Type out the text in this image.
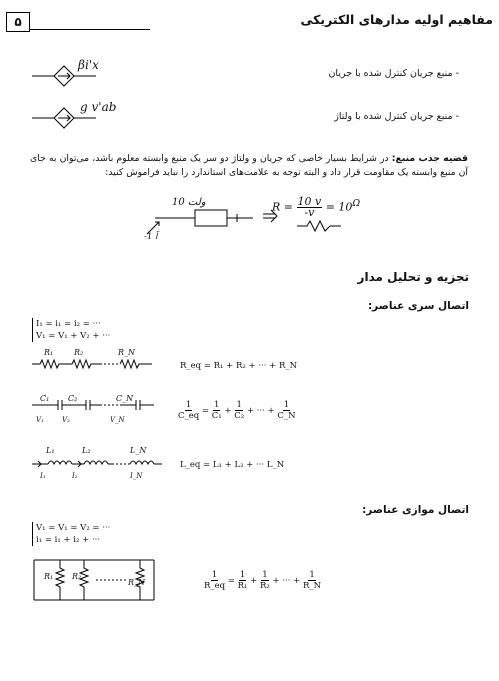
۵	مفاهیم اولیه مدارهای الکتریکی
βi'x
g v'ab
- منبع جریان کنترل شده با جریان
- منبع جریان کنترل شده با ولتاژ
قضیه جذب منبع: در شرایط بسیار خاصی که جریان و ولتاژ دو سر یک منبع وابسته معلوم باشد، می‌توان به جای آن منبع وابسته یک مقاومت قرار داد و البته توجه به علامت‌های استاندارد را نباید فراموش کنید:
10 ولت
-1 آ
$R = \frac{10 v}{-v} = 10^\Omega$
تجزیه و تحلیل مدار
اتصال سری عناصر:
I₁ = i₁ = i₂ = ···
V₁ = V₁ + V₂ + ···
R₁	R₂	R_N
R_eq = R₁ + R₂ + ··· + R_N
C₁ C₂	C_N
V₁	V₂	V_N	$\frac{1}{C\_eq} = \frac{1}{\text{C₁}} + \frac{1}{\text{C₂}}$ + ··· + $\frac{1}{C\_N}$
L₁	L₂	L_N
I₁	I₂	I_N
L_eq = L₁ + L₂ + ··· L_N
اتصال موازی عناصر:
V₁ = V₁ = V₂ = ···
i₁ = i₁ + i₂ + ···
R₁ R₂
R_N	$\frac{1}{R\_eq} = \frac{1}{\text{R₁}} + \frac{1}{\text{R₂}}$ + ··· + $\frac{1}{R\_N}$
